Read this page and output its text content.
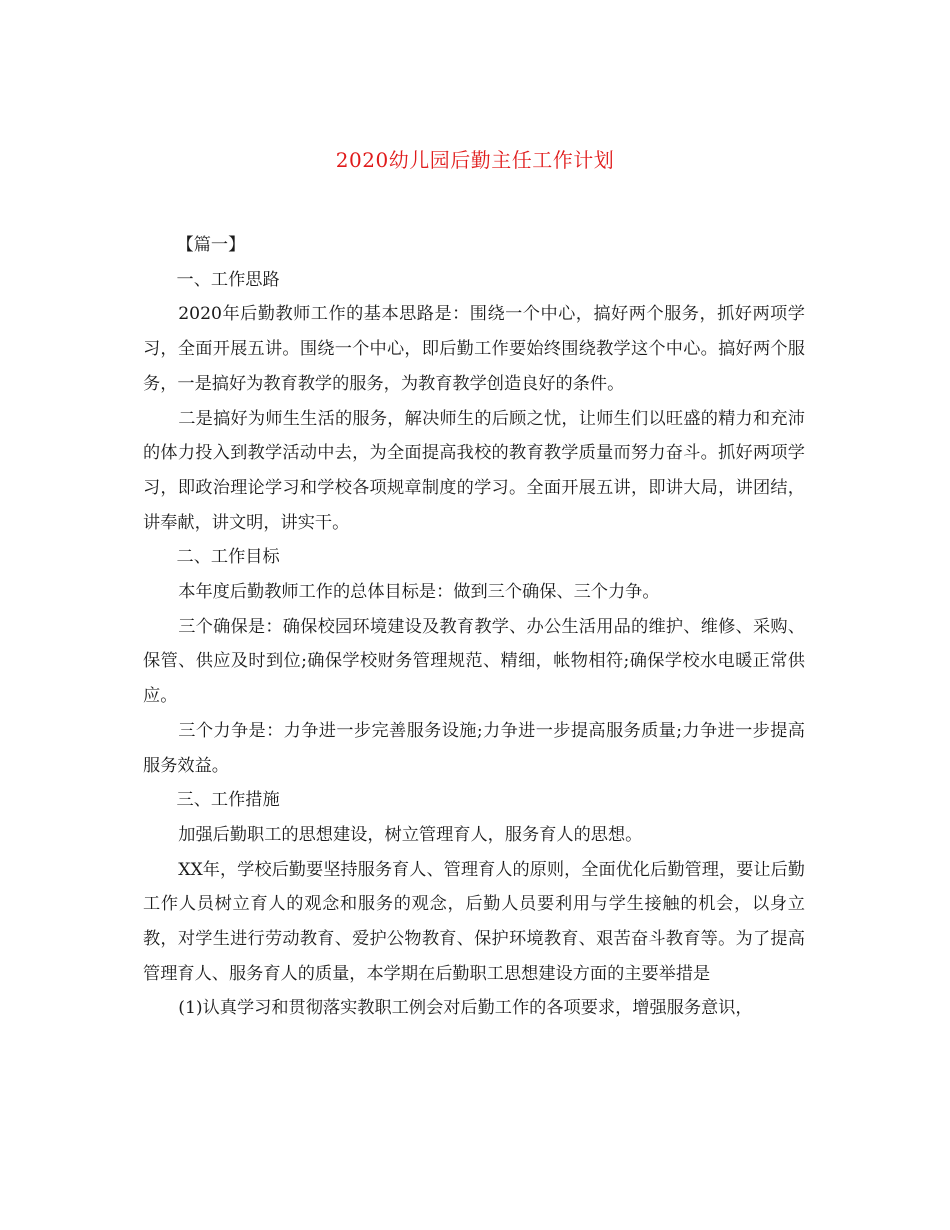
2020幼儿园后勤主任工作计划

【篇一】

一、工作思路

2020年后勤教师工作的基本思路是：围绕一个中心，搞好两个服务，抓好两项学习，全面开展五讲。围绕一个中心，即后勤工作要始终围绕教学这个中心。搞好两个服务，一是搞好为教育教学的服务，为教育教学创造良好的条件。

二是搞好为师生生活的服务，解决师生的后顾之忧，让师生们以旺盛的精力和充沛的体力投入到教学活动中去，为全面提高我校的教育教学质量而努力奋斗。抓好两项学习，即政治理论学习和学校各项规章制度的学习。全面开展五讲，即讲大局，讲团结，讲奉献，讲文明，讲实干。

二、工作目标

本年度后勤教师工作的总体目标是：做到三个确保、三个力争。

三个确保是：确保校园环境建设及教育教学、办公生活用品的维护、维修、采购、保管、供应及时到位;确保学校财务管理规范、精细，帐物相符;确保学校水电暖正常供应。

三个力争是：力争进一步完善服务设施;力争进一步提高服务质量;力争进一步提高服务效益。

三、工作措施

加强后勤职工的思想建设，树立管理育人，服务育人的思想。

XX年，学校后勤要坚持服务育人、管理育人的原则，全面优化后勤管理，要让后勤工作人员树立育人的观念和服务的观念，后勤人员要利用与学生接触的机会，以身立教，对学生进行劳动教育、爱护公物教育、保护环境教育、艰苦奋斗教育等。为了提高管理育人、服务育人的质量，本学期在后勤职工思想建设方面的主要举措是

(1)认真学习和贯彻落实教职工例会对后勤工作的各项要求，增强服务意识，
